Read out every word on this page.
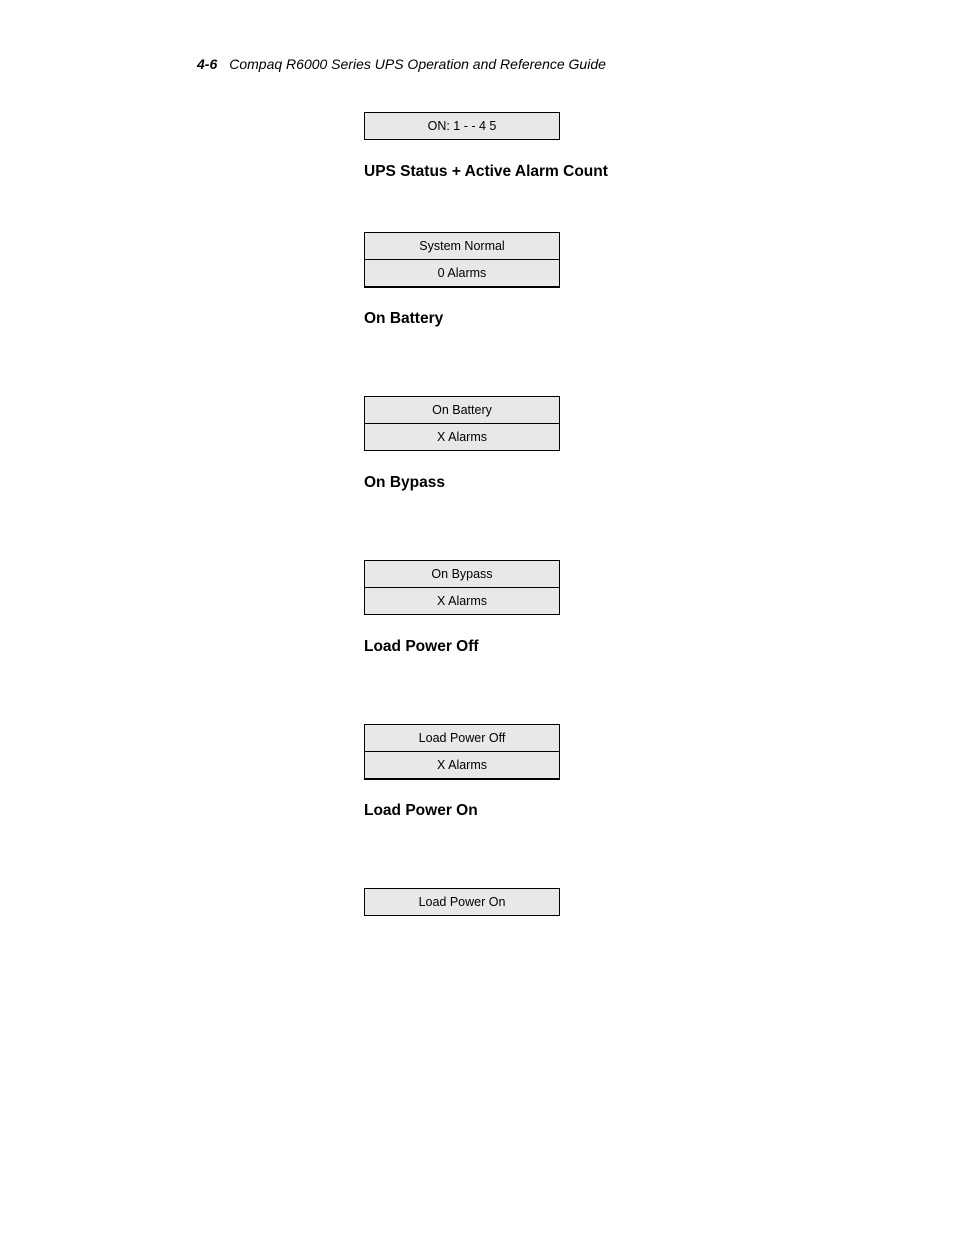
4-6 Compaq R6000 Series UPS Operation and Reference Guide
ON: 1 - - 4 5
UPS Status + Active Alarm Count
System Normal
0 Alarms
On Battery
On Battery
X Alarms
On Bypass
On Bypass
X Alarms
Load Power Off
Load Power Off
X Alarms
Load Power On
Load Power On
